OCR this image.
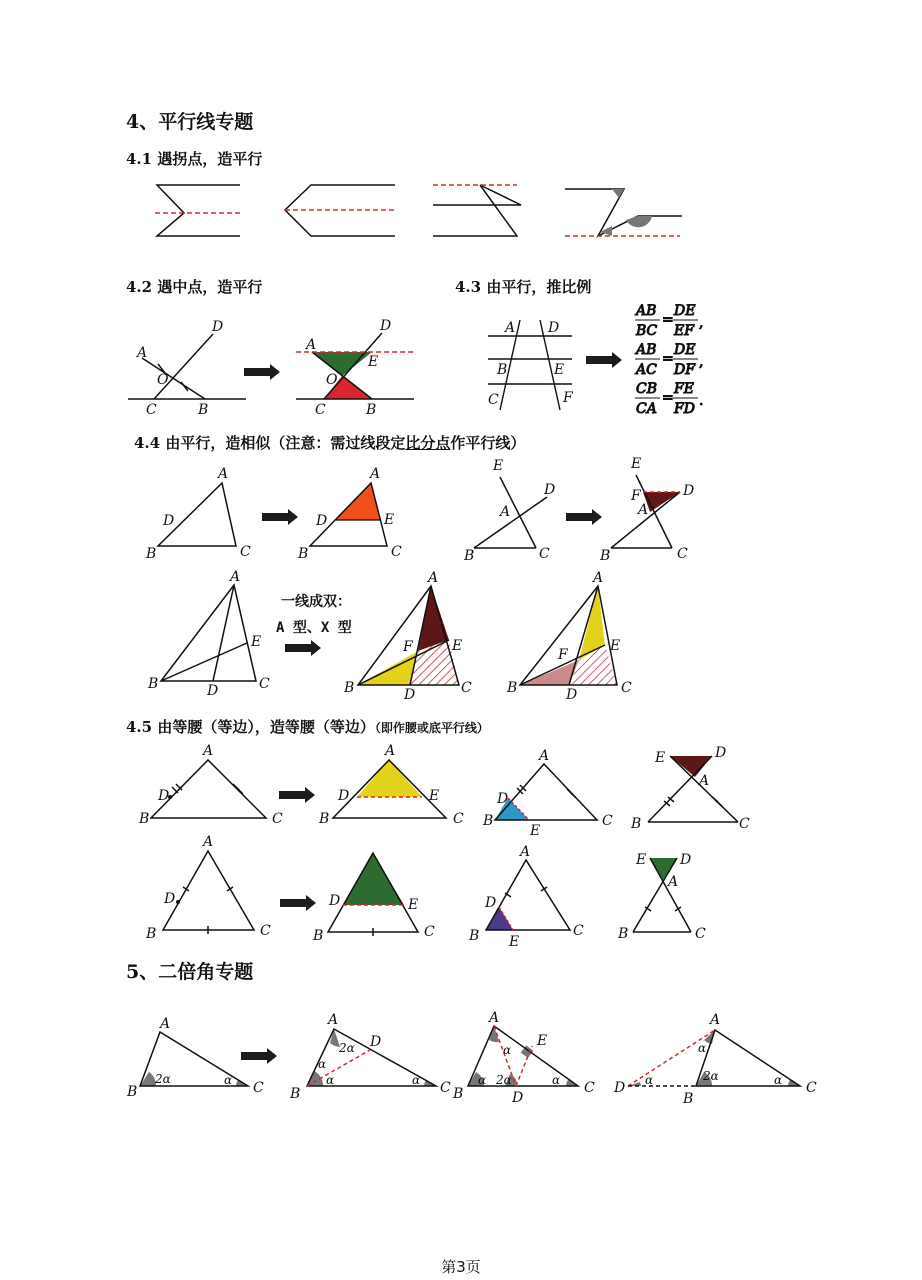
4、平行线专题
4.1 遇拐点，造平行
4.2 遇中点，造平行	4.3 由平行，推比例
4.4 由平行，造相似（注意：需过线段定比分点作平行线）
4.5 由等腰（等边），造等腰（等边）（即作腰或底平行线）
5、二倍角专题
A
D
O
C	B
A
D
E
O
C	B
A D
B	E
C	F
AB
BC
=
DE
EF ,
AB
AC
=
DE
DF ,
CB
CA
=
FE
FD .
A
D
B	C
A
D	E
B	C
E
D
A
B	C
E
F	D
A
B	C
A
E
B	D	C
一线成双：
A 型、X 型
A
F	E
B	D	C
A
F
E
B	D	C
A
D
B	C
A
D	E
B	C
A
D
B
E
C
E	D
A
B	C
A
D
B	C
D	E
B	C
A
D
B E
C
E D
A
B	C
A
B	C
2α	α
A
D
B	C
2α
α
α	α
A
E
B	D
C
α
α 2α	α
A
D
B
C
α
α	2α	α
第3页
